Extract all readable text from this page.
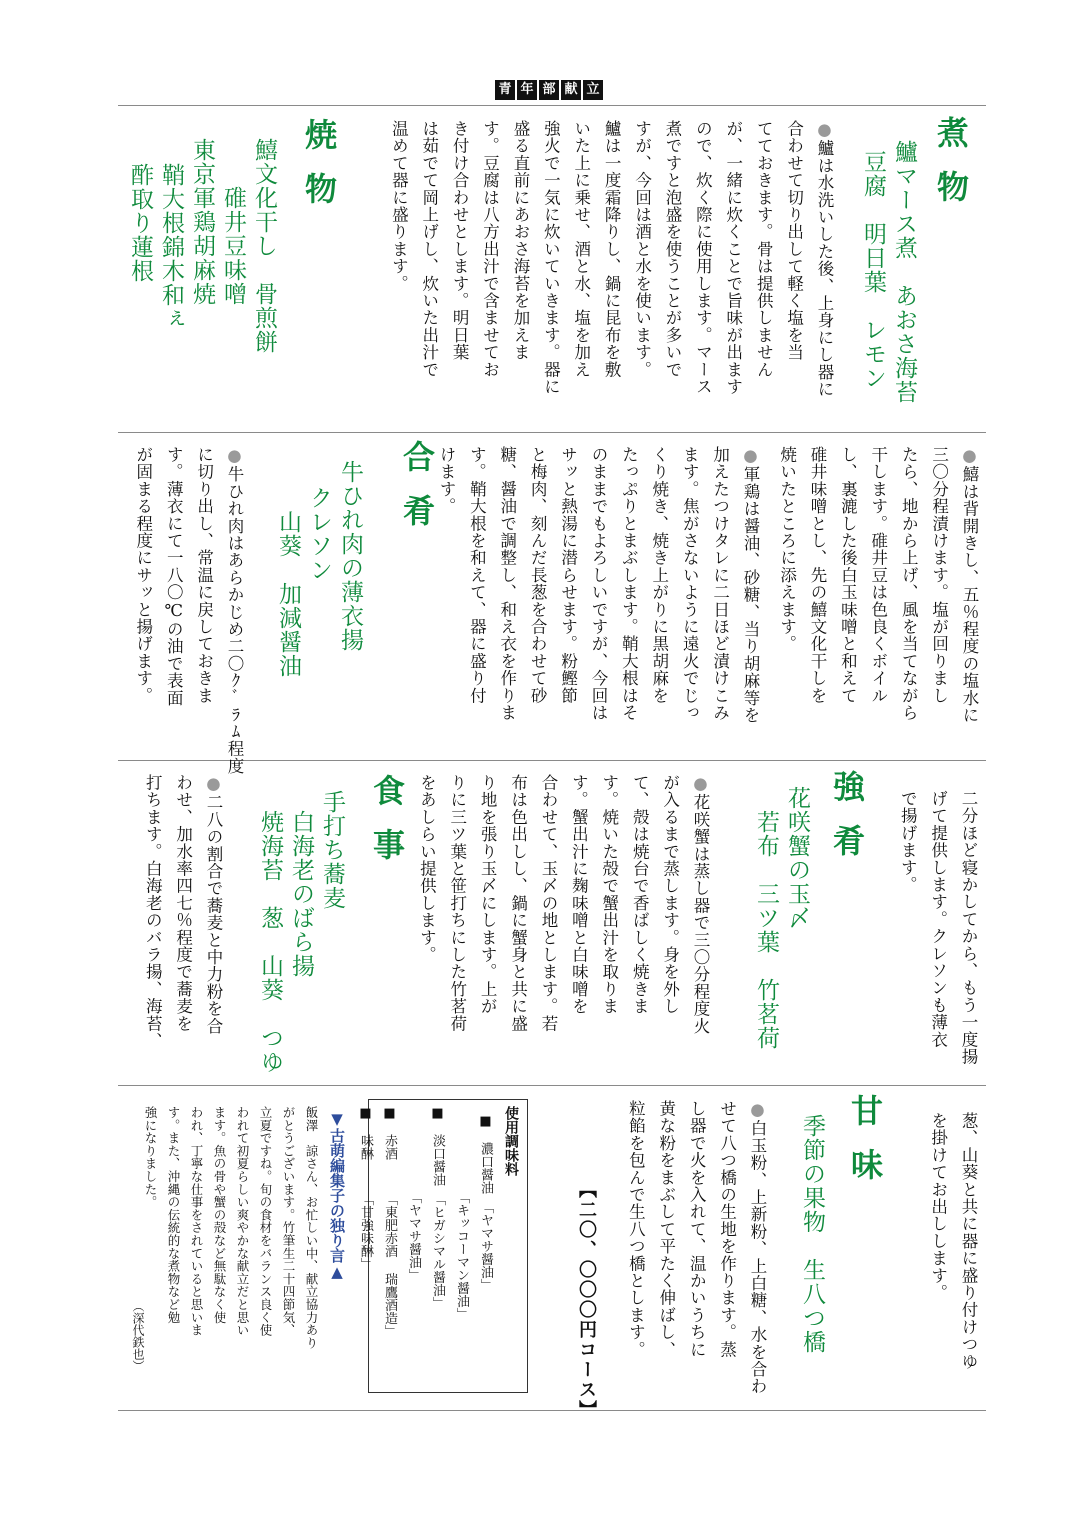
青 年 部 献 立
煮物
鱸マース煮　あおさ海苔
豆腐　明日葉　レモン
● 鱸は水洗いした後、上身にし器に
合わせて切り出して軽く塩を当
てておきます。骨は提供しません
が、一緒に炊くことで旨味が出ます
ので、炊く際に使用します。マース
煮ですと泡盛を使うことが多いで
すが、今回は酒と水を使います。
鱸は一度霜降りし、鍋に昆布を敷
いた上に乗せ、酒と水、塩を加え
強火で一気に炊いていきます。器に
盛る直前にあおさ海苔を加えま
す。豆腐は八方出汁で含ませてお
き付け合わせとします。明日葉
は茹でて岡上げし、炊いた出汁で
温めて器に盛ります。
焼物
鱚文化干し　骨煎餅
　　碓井豆味噌
東京軍鶏胡麻焼
鞘大根錦木和ぇ
酢取り蓮根
● 鱚は背開きし、五％程度の塩水に
三〇分程漬けます。塩が回りまし
たら、地から上げ、風を当てながら
干します。碓井豆は色良くボイル
し、裏漉した後白玉味噌と和えて
碓井味噌とし、先の鱚文化干しを
焼いたところに添えます。
● 軍鶏は醤油、砂糖、当り胡麻等を
加えたつけタレに二日ほど漬けこみ
ます。焦がさないように遠火でじっ
くり焼き、焼き上がりに黒胡麻を
たっぷりとまぶします。鞘大根はそ
のままでもよろしいですが、今回は
サッと熱湯に潜らせます。粉鰹節
と梅肉、刻んだ長葱を合わせて砂
糖、醤油で調整し、和え衣を作りま
す。鞘大根を和えて、器に盛り付
けます。
合肴
牛ひれ肉の薄衣揚
クレソン
山葵　加減醤油
● 牛ひれ肉はあらかじめ二〇ｸﾞﾗﾑ程度
に切り出し、常温に戻しておきま
す。薄衣にて一八〇℃の油で表面
が固まる程度にサッと揚げます。
二分ほど寝かしてから、もう一度揚
げて提供します。クレソンも薄衣
で揚げます。
強肴
花咲蟹の玉〆
若布　三ツ葉　竹茗荷
● 花咲蟹は蒸し器で三〇分程度火
が入るまで蒸します。身を外し
て、殻は焼台で香ばしく焼きま
す。焼いた殻で蟹出汁を取りま
す。蟹出汁に麹味噌と白味噌を
合わせて、玉〆の地とします。若
布は色出しし、鍋に蟹身と共に盛
り地を張り玉〆にします。上が
りに三ツ葉と笹打ちにした竹茗荷
をあしらい提供します。
食事
手打ち蕎麦
白海老のばら揚
焼海苔　葱　山葵　つゆ
● 二八の割合で蕎麦と中力粉を合
わせ、加水率四七％程度で蕎麦を
打ちます。白海老のバラ揚、海苔、
葱、山葵と共に器に盛り付けつゆ
を掛けてお出しします。
甘味
季節の果物　生八つ橋
● 白玉粉、上新粉、上白糖、水を合わ
せて八つ橋の生地を作ります。蒸
し器で火を入れて、温かいうちに
黄な粉をまぶして平たく伸ばし、
粒餡を包んで生八つ橋とします。
【二〇、〇〇〇円コース】
使用調味料
■　濃口醤油　「ヤマサ醤油」
　　　　　　　「キッコーマン醤油」
■　淡口醤油　「ヒガシマル醤油」
　　　　　　　「ヤマサ醤油」
■　赤酒　　　「東肥赤酒 瑞鷹酒造」
■　味醂　　　「甘強味醂」
▼古萌編集子の独り言▲
飯澤　諒さん、お忙しい中、献立協力あり
がとうございます。竹筆生二十四節気、
立夏ですね。旬の食材をバランス良く使
われて初夏らしい爽やかな献立だと思い
ます。魚の骨や蟹の殻など無駄なく使
われ、丁寧な仕事をされていると思いま
す。また、沖縄の伝統的な煮物など勉
強になりました。
（深代鉄也）
